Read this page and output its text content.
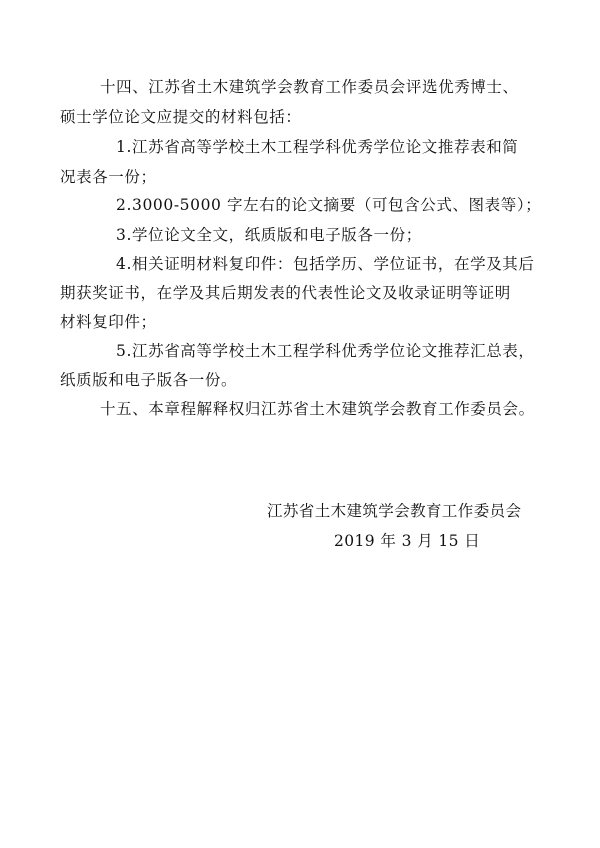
十四、江苏省土木建筑学会教育工作委员会评选优秀博士、
硕士学位论文应提交的材料包括：
1.江苏省高等学校土木工程学科优秀学位论文推荐表和简
况表各一份；
2.3000-5000 字左右的论文摘要（可包含公式、图表等）；
3.学位论文全文，纸质版和电子版各一份；
4.相关证明材料复印件：包括学历、学位证书，在学及其后
期获奖证书，在学及其后期发表的代表性论文及收录证明等证明
材料复印件；
5.江苏省高等学校土木工程学科优秀学位论文推荐汇总表，
纸质版和电子版各一份。
十五、本章程解释权归江苏省土木建筑学会教育工作委员会。
江苏省土木建筑学会教育工作委员会
2019 年 3 月 15 日
